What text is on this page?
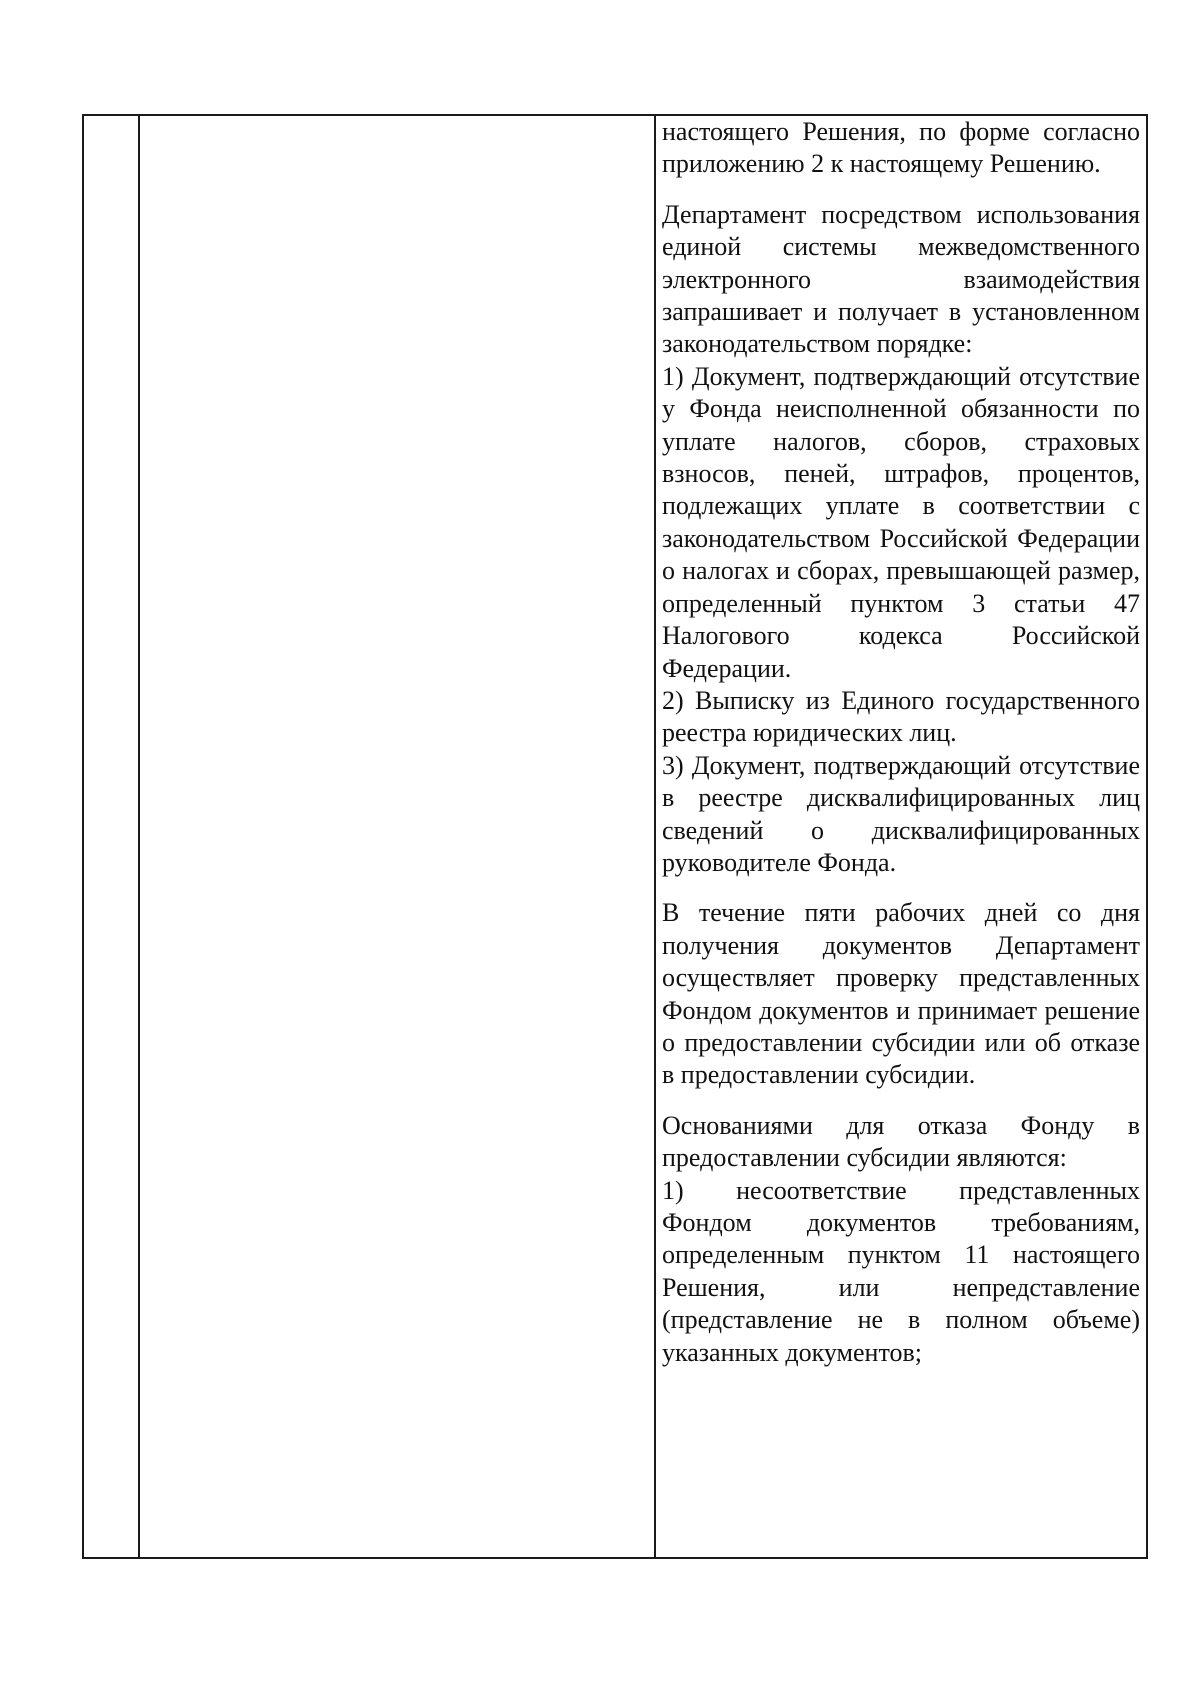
настоящего Решения, по форме согласно приложению 2 к настоящему Решению.

Департамент посредством использования единой системы межведомственного электронного взаимодействия запрашивает и получает в установленном законодательством порядке:

1) Документ, подтверждающий отсутствие у Фонда неисполненной обязанности по уплате налогов, сборов, страховых взносов, пеней, штрафов, процентов, подлежащих уплате в соответствии с законодательством Российской Федерации о налогах и сборах, превышающей размер, определенный пунктом 3 статьи 47 Налогового кодекса Российской Федерации.

2) Выписку из Единого государственного реестра юридических лиц.

3) Документ, подтверждающий отсутствие в реестре дисквалифицированных лиц сведений о дисквалифицированных руководителе Фонда.

В течение пяти рабочих дней со дня получения документов Департамент осуществляет проверку представленных Фондом документов и принимает решение о предоставлении субсидии или об отказе в предоставлении субсидии.

Основаниями для отказа Фонду в предоставлении субсидии являются:

1) несоответствие представленных Фондом документов требованиям, определенным пунктом 11 настоящего Решения, или непредставление (представление не в полном объеме) указанных документов;
